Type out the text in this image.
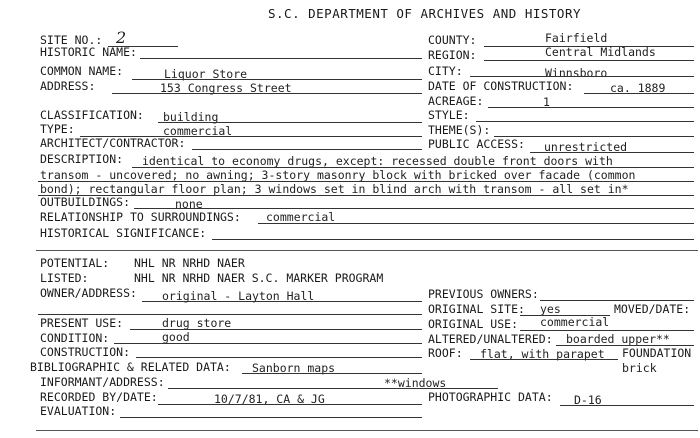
S.C. DEPARTMENT OF ARCHIVES AND HISTORY
SITE NO.: 2
HISTORIC NAME:
COMMON NAME:	Liquor Store
ADDRESS:	153 Congress Street
CLASSIFICATION: building
TYPE:	commercial
ARCHITECT/CONTRACTOR:
COUNTY:	Fairfield
REGION:	Central Midlands
CITY:	Winnsboro
DATE OF CONSTRUCTION:	ca. 1889
ACREAGE:	1
STYLE:
THEME(S):
PUBLIC ACCESS: unrestricted
DESCRIPTION: identical to economy drugs, except: recessed double front doors with
transom - uncovered; no awning; 3-story masonry block with bricked over facade (common
bond); rectangular floor plan; 3 windows set in blind arch with transom - all set in*
OUTBUILDINGS:	none
RELATIONSHIP TO SURROUNDINGS: commercial
HISTORICAL SIGNIFICANCE:
POTENTIAL: NHL NR NRHD NAER
LISTED:	NHL NR NRHD NAER S.C. MARKER PROGRAM
OWNER/ADDRESS: original - Layton Hall
PRESENT USE:	drug store
CONDITION:	good
CONSTRUCTION:
BIBLIOGRAPHIC & RELATED DATA: Sanborn maps
INFORMANT/ADDRESS:	**windows
RECORDED BY/DATE:	10/7/81, CA & JG
EVALUATION:
PREVIOUS OWNERS:
ORIGINAL SITE: yes	MOVED/DATE:
ORIGINAL USE: commercial
ALTERED/UNALTERED: boarded upper**
ROOF: flat, with parapet FOUNDATION
brick
PHOTOGRAPHIC DATA: D-16
